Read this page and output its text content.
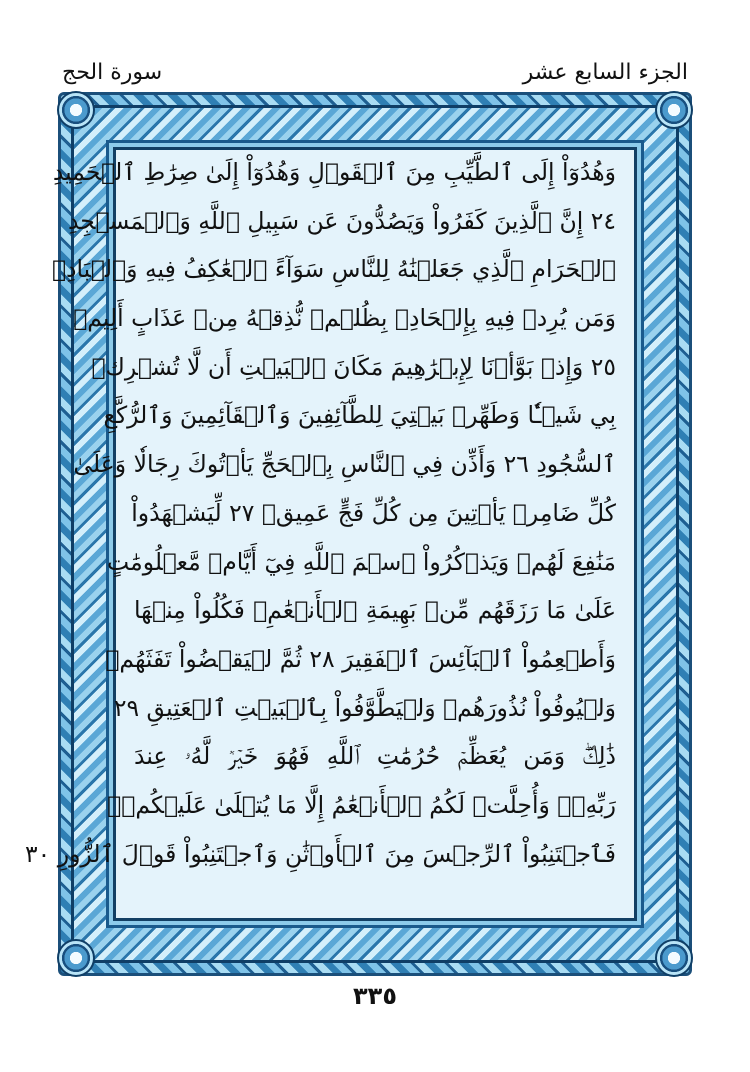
الجزء السابع عشر
سورة الحج
وَهُدُوٓاْ إِلَى ٱلطَّيِّبِ مِنَ ٱلۡقَوۡلِ وَهُدُوٓاْ إِلَىٰ صِرَٰطِ ٱلۡحَمِيدِ
٢٤ إِنَّ ٱلَّذِينَ كَفَرُواْ وَيَصُدُّونَ عَن سَبِيلِ ٱللَّهِ وَٱلۡمَسۡجِدِ
ٱلۡحَرَامِ ٱلَّذِي جَعَلۡنَٰهُ لِلنَّاسِ سَوَآءً ٱلۡعَٰكِفُ فِيهِ وَٱلۡبَادِۚ
وَمَن يُرِدۡ فِيهِ بِإِلۡحَادِۢ بِظُلۡمٖ نُّذِقۡهُ مِنۡ عَذَابٍ أَلِيمٖ
٢٥ وَإِذۡ بَوَّأۡنَا لِإِبۡرَٰهِيمَ مَكَانَ ٱلۡبَيۡتِ أَن لَّا تُشۡرِكۡ
بِي شَيۡـٔٗا وَطَهِّرۡ بَيۡتِيَ لِلطَّآئِفِينَ وَٱلۡقَآئِمِينَ وَٱلرُّكَّعِ
ٱلسُّجُودِ ٢٦ وَأَذِّن فِي ٱلنَّاسِ بِٱلۡحَجِّ يَأۡتُوكَ رِجَالٗا وَعَلَىٰ
كُلِّ ضَامِرٖ يَأۡتِينَ مِن كُلِّ فَجٍّ عَمِيقٖ ٢٧ لِّيَشۡهَدُواْ
مَنَٰفِعَ لَهُمۡ وَيَذۡكُرُواْ ٱسۡمَ ٱللَّهِ فِيٓ أَيَّامٖ مَّعۡلُومَٰتٍ
عَلَىٰ مَا رَزَقَهُم مِّنۢ بَهِيمَةِ ٱلۡأَنۡعَٰمِۖ فَكُلُواْ مِنۡهَا
وَأَطۡعِمُواْ ٱلۡبَآئِسَ ٱلۡفَقِيرَ ٢٨ ثُمَّ لۡيَقۡضُواْ تَفَثَهُمۡ
وَلۡيُوفُواْ نُذُورَهُمۡ وَلۡيَطَّوَّفُواْ بِٱلۡبَيۡتِ ٱلۡعَتِيقِ ٢٩
ذَٰلِكَۖ وَمَن يُعَظِّمۡ حُرُمَٰتِ ٱللَّهِ فَهُوَ خَيۡرٞ لَّهُۥ عِندَ
رَبِّهِۦۗ وَأُحِلَّتۡ لَكُمُ ٱلۡأَنۡعَٰمُ إِلَّا مَا يُتۡلَىٰ عَلَيۡكُمۡۖ
فَٱجۡتَنِبُواْ ٱلرِّجۡسَ مِنَ ٱلۡأَوۡثَٰنِ وَٱجۡتَنِبُواْ قَوۡلَ ٱلزُّورِ ٣٠
٣٣٥
